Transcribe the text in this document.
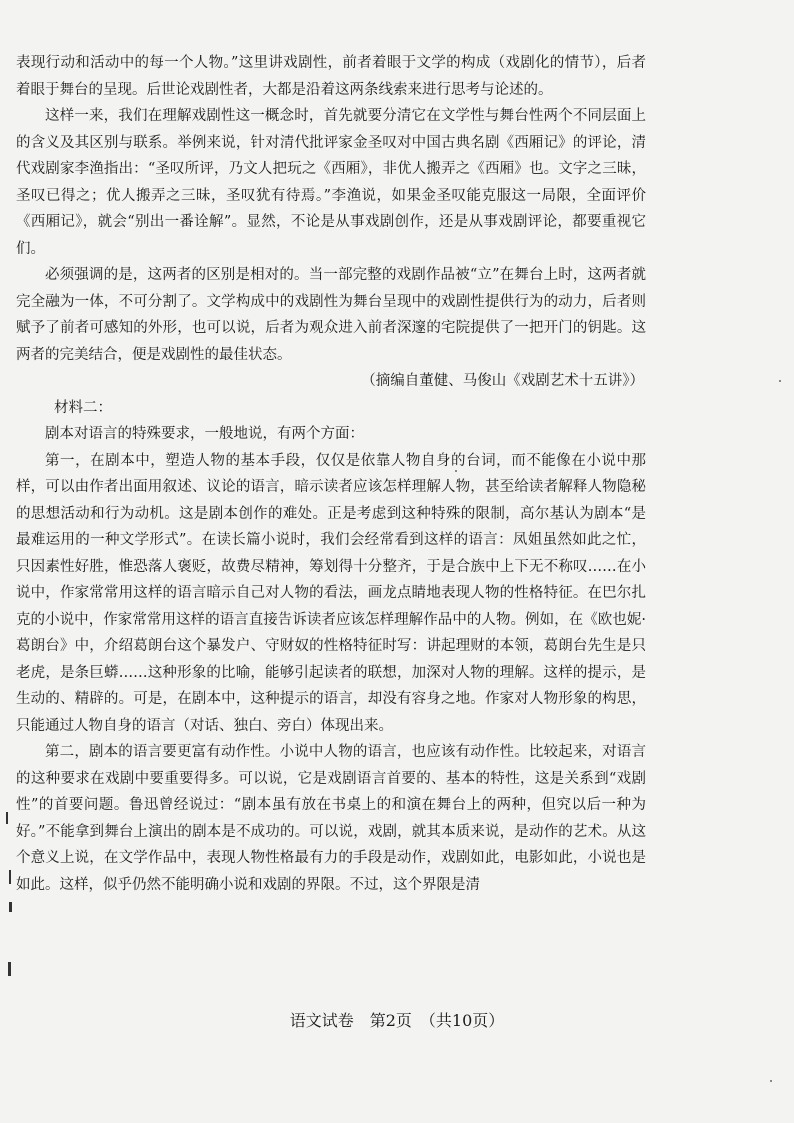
表现行动和活动中的每一个人物。”这里讲戏剧性，前者着眼于文学的构成（戏剧化的情节），后者着眼于舞台的呈现。后世论戏剧性者，大都是沿着这两条线索来进行思考与论述的。

这样一来，我们在理解戏剧性这一概念时，首先就要分清它在文学性与舞台性两个不同层面上的含义及其区别与联系。举例来说，针对清代批评家金圣叹对中国古典名剧《西厢记》的评论，清代戏剧家李渔指出：“圣叹所评，乃文人把玩之《西厢》，非优人搬弄之《西厢》也。文字之三昧，圣叹已得之；优人搬弄之三昧，圣叹犹有待焉。”李渔说，如果金圣叹能克服这一局限，全面评价《西厢记》，就会“别出一番诠解”。显然，不论是从事戏剧创作，还是从事戏剧评论，都要重视它们。

必须强调的是，这两者的区别是相对的。当一部完整的戏剧作品被“立”在舞台上时，这两者就完全融为一体，不可分割了。文学构成中的戏剧性为舞台呈现中的戏剧性提供行为的动力，后者则赋予了前者可感知的外形，也可以说，后者为观众进入前者深邃的宅院提供了一把开门的钥匙。这两者的完美结合，便是戏剧性的最佳状态。

（摘编自董健、马俊山《戏剧艺术十五讲》）

材料二：

剧本对语言的特殊要求，一般地说，有两个方面：

第一，在剧本中，塑造人物的基本手段，仅仅是依靠人物自身的台词，而不能像在小说中那样，可以由作者出面用叙述、议论的语言，暗示读者应该怎样理解人物，甚至给读者解释人物隐秘的思想活动和行为动机。这是剧本创作的难处。正是考虑到这种特殊的限制，高尔基认为剧本“是最难运用的一种文学形式”。在读长篇小说时，我们会经常看到这样的语言：凤姐虽然如此之忙，只因素性好胜，惟恐落人褒贬，故费尽精神，筹划得十分整齐，于是合族中上下无不称叹……在小说中，作家常常用这样的语言暗示自己对人物的看法，画龙点睛地表现人物的性格特征。在巴尔扎克的小说中，作家常常用这样的语言直接告诉读者应该怎样理解作品中的人物。例如，在《欧也妮·葛朗台》中，介绍葛朗台这个暴发户、守财奴的性格特征时写：讲起理财的本领，葛朗台先生是只老虎，是条巨蟒……这种形象的比喻，能够引起读者的联想，加深对人物的理解。这样的提示，是生动的、精辟的。可是，在剧本中，这种提示的语言，却没有容身之地。作家对人物形象的构思，只能通过人物自身的语言（对话、独白、旁白）体现出来。

第二，剧本的语言要更富有动作性。小说中人物的语言，也应该有动作性。比较起来，对语言的这种要求在戏剧中要重要得多。可以说，它是戏剧语言首要的、基本的特性，这是关系到“戏剧性”的首要问题。鲁迅曾经说过：“剧本虽有放在书桌上的和演在舞台上的两种，但究以后一种为好。”不能拿到舞台上演出的剧本是不成功的。可以说，戏剧，就其本质来说，是动作的艺术。从这个意义上说，在文学作品中，表现人物性格最有力的手段是动作，戏剧如此，电影如此，小说也是如此。这样，似乎仍然不能明确小说和戏剧的界限。不过，这个界限是清

语文试卷　第2页　（共10页）
